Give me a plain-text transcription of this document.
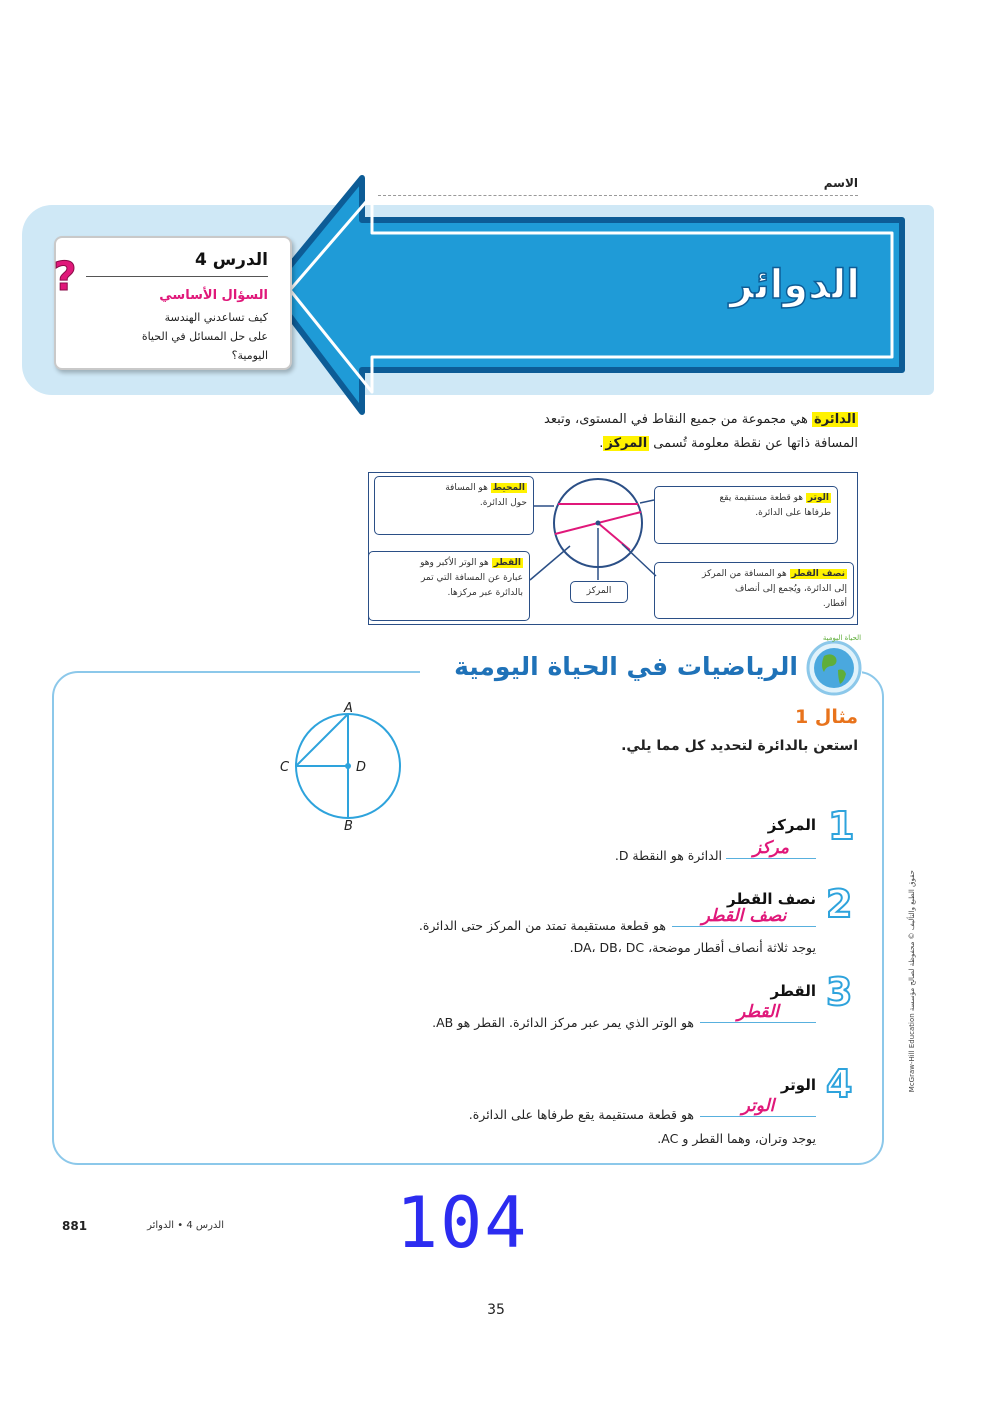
الاسم
الدوائر
الدرس 4
السؤال الأساسي
كيف تساعدني الهندسة
على حل المسائل في الحياة
اليومية؟
?
الدائرة هي مجموعة من جميع النقاط في المستوى، وتبعد
المسافة ذاتها عن نقطة معلومة تُسمى المركز.
المحيط هو المسافة
حول الدائرة.	الوتر هو قطعة مستقيمة يقع
طرفاها على الدائرة.
القطر هو الوتر الأكبر وهو
عبارة عن المسافة التي تمر
بالدائرة عبر مركزها.
نصف القطر هو المسافة من المركز
إلى الدائرة، ويُجمع إلى أنصاف
أقطار.
المركز
الرياضيات في الحياة اليومية
الحياة اليومية
مثال 1
استعن بالدائرة لتحديد كل مما يلي.
A
B
C	D
1
المركز
مركز
الدائرة هو النقطة D.
2
نصف القطر
نصف القطر
هو قطعة مستقيمة تمتد من المركز حتى الدائرة.
يوجد ثلاثة أنصاف أقطار موضحة، DA، DB، DC.
3
القطر
القطر
هو الوتر الذي يمر عبر مركز الدائرة. القطر هو AB.
4
الوتر
الوتر
هو قطعة مستقيمة يقع طرفاها على الدائرة.
يوجد وتران، وهما القطر و AC.
حقوق الطبع والتأليف © محفوظة لصالح مؤسسة McGraw-Hill Education
881	الدرس 4 • الدوائر 104
35
